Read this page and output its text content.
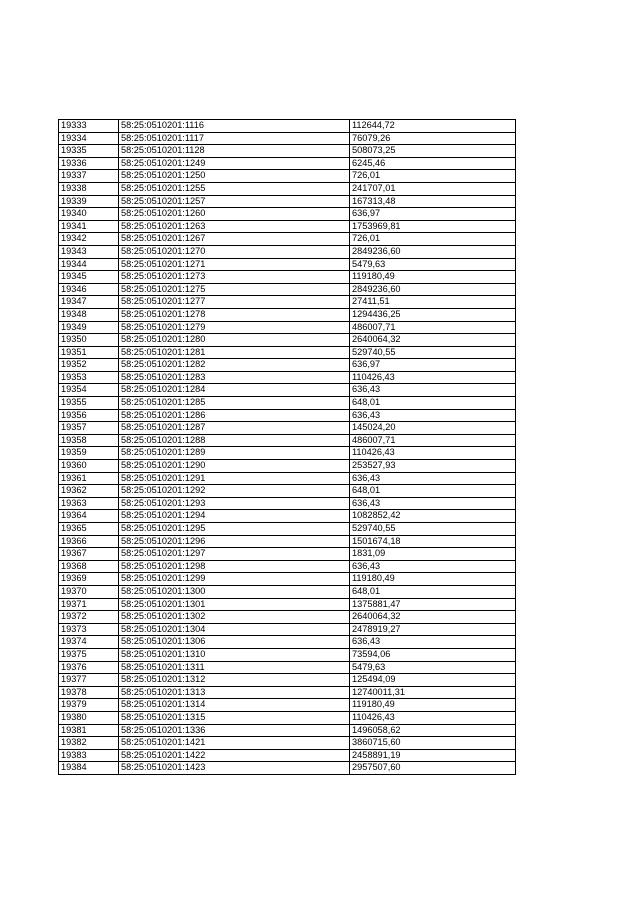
19333	58:25:0510201:1116	112644,72
19334	58:25:0510201:1117	76079,26
19335	58:25:0510201:1128	508073,25
19336	58:25:0510201:1249	6245,46
19337	58:25:0510201:1250	726,01
19338	58:25:0510201:1255	241707,01
19339	58:25:0510201:1257	167313,48
19340	58:25:0510201:1260	636,97
19341	58:25:0510201:1263	1753969,81
19342	58:25:0510201:1267	726,01
19343	58:25:0510201:1270	2849236,60
19344	58:25:0510201:1271	5479,63
19345	58:25:0510201:1273	119180,49
19346	58:25:0510201:1275	2849236,60
19347	58:25:0510201:1277	27411,51
19348	58:25:0510201:1278	1294436,25
19349	58:25:0510201:1279	486007,71
19350	58:25:0510201:1280	2640064,32
19351	58:25:0510201:1281	529740,55
19352	58:25:0510201:1282	636,97
19353	58:25:0510201:1283	110426,43
19354	58:25:0510201:1284	636,43
19355	58:25:0510201:1285	648,01
19356	58:25:0510201:1286	636,43
19357	58:25:0510201:1287	145024,20
19358	58:25:0510201:1288	486007,71
19359	58:25:0510201:1289	110426,43
19360	58:25:0510201:1290	253527,93
19361	58:25:0510201:1291	636,43
19362	58:25:0510201:1292	648,01
19363	58:25:0510201:1293	636,43
19364	58:25:0510201:1294	1082852,42
19365	58:25:0510201:1295	529740,55
19366	58:25:0510201:1296	1501674,18
19367	58:25:0510201:1297	1831,09
19368	58:25:0510201:1298	636,43
19369	58:25:0510201:1299	119180,49
19370	58:25:0510201:1300	648,01
19371	58:25:0510201:1301	1375881,47
19372	58:25:0510201:1302	2640064,32
19373	58:25:0510201:1304	2478919,27
19374	58:25:0510201:1306	636,43
19375	58:25:0510201:1310	73594,06
19376	58:25:0510201:1311	5479,63
19377	58:25:0510201:1312	125494,09
19378	58:25:0510201:1313	12740011,31
19379	58:25:0510201:1314	119180,49
19380	58:25:0510201:1315	110426,43
19381	58:25:0510201:1336	1496058,62
19382	58:25:0510201:1421	3860715,60
19383	58:25:0510201:1422	2458891,19
19384	58:25:0510201:1423	2957507,60
